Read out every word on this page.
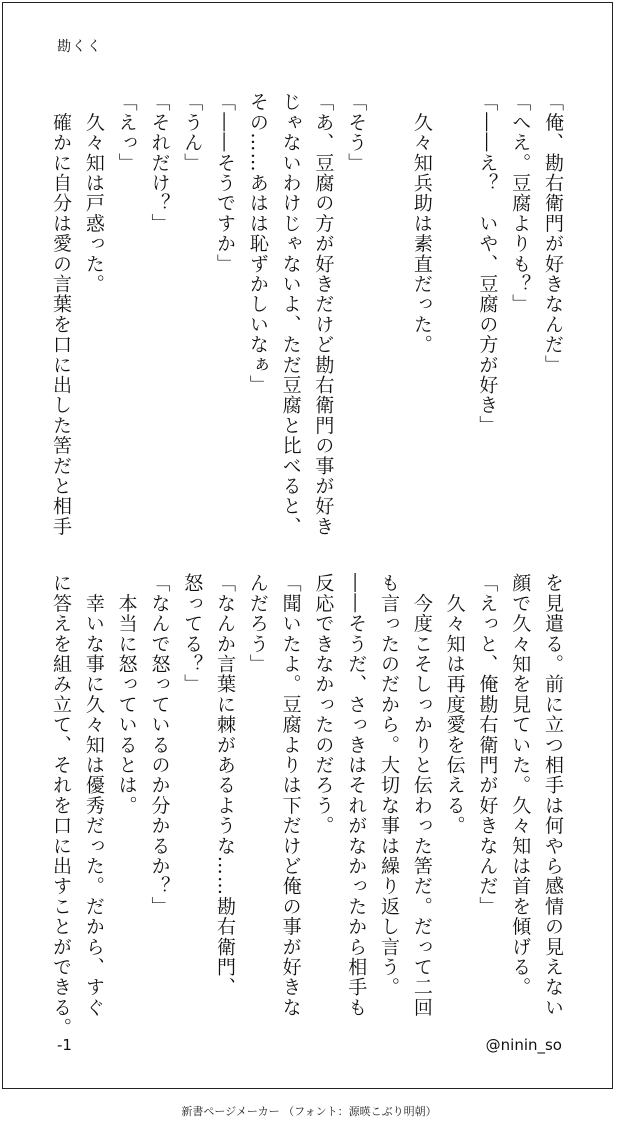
勘くく
「俺、勘右衛門が好きなんだ」
「へえ。豆腐よりも？」
「――え？　いや、豆腐の方が好き」

　久々知兵助は素直だった。

「そう」
「あ、豆腐の方が好きだけど勘右衛門の事が好き
じゃないわけじゃないよ、ただ豆腐と比べると、
その……あはは恥ずかしいなぁ」
「――そうですか」
「うん」
「それだけ？」
「えっ」
　久々知は戸惑った。
　確かに自分は愛の言葉を口に出した筈だと相手
を見遣る。前に立つ相手は何やら感情の見えない
顔で久々知を見ていた。久々知は首を傾げる。
「えっと、俺勘右衛門が好きなんだ」
　久々知は再度愛を伝える。
　今度こそしっかりと伝わった筈だ。だって二回
も言ったのだから。大切な事は繰り返し言う。
――そうだ、さっきはそれがなかったから相手も
反応できなかったのだろう。
「聞いたよ。豆腐よりは下だけど俺の事が好きな
んだろう」
「なんか言葉に棘があるような……勘右衛門、
怒ってる？」
「なんで怒っているのか分かるか？」
　本当に怒っているとは。
　幸いな事に久々知は優秀だった。だから、すぐ
に答えを組み立て、それを口に出すことができる。
-1	@ninin_so
新書ページメーカー （フォント：源暎こぶり明朝）
